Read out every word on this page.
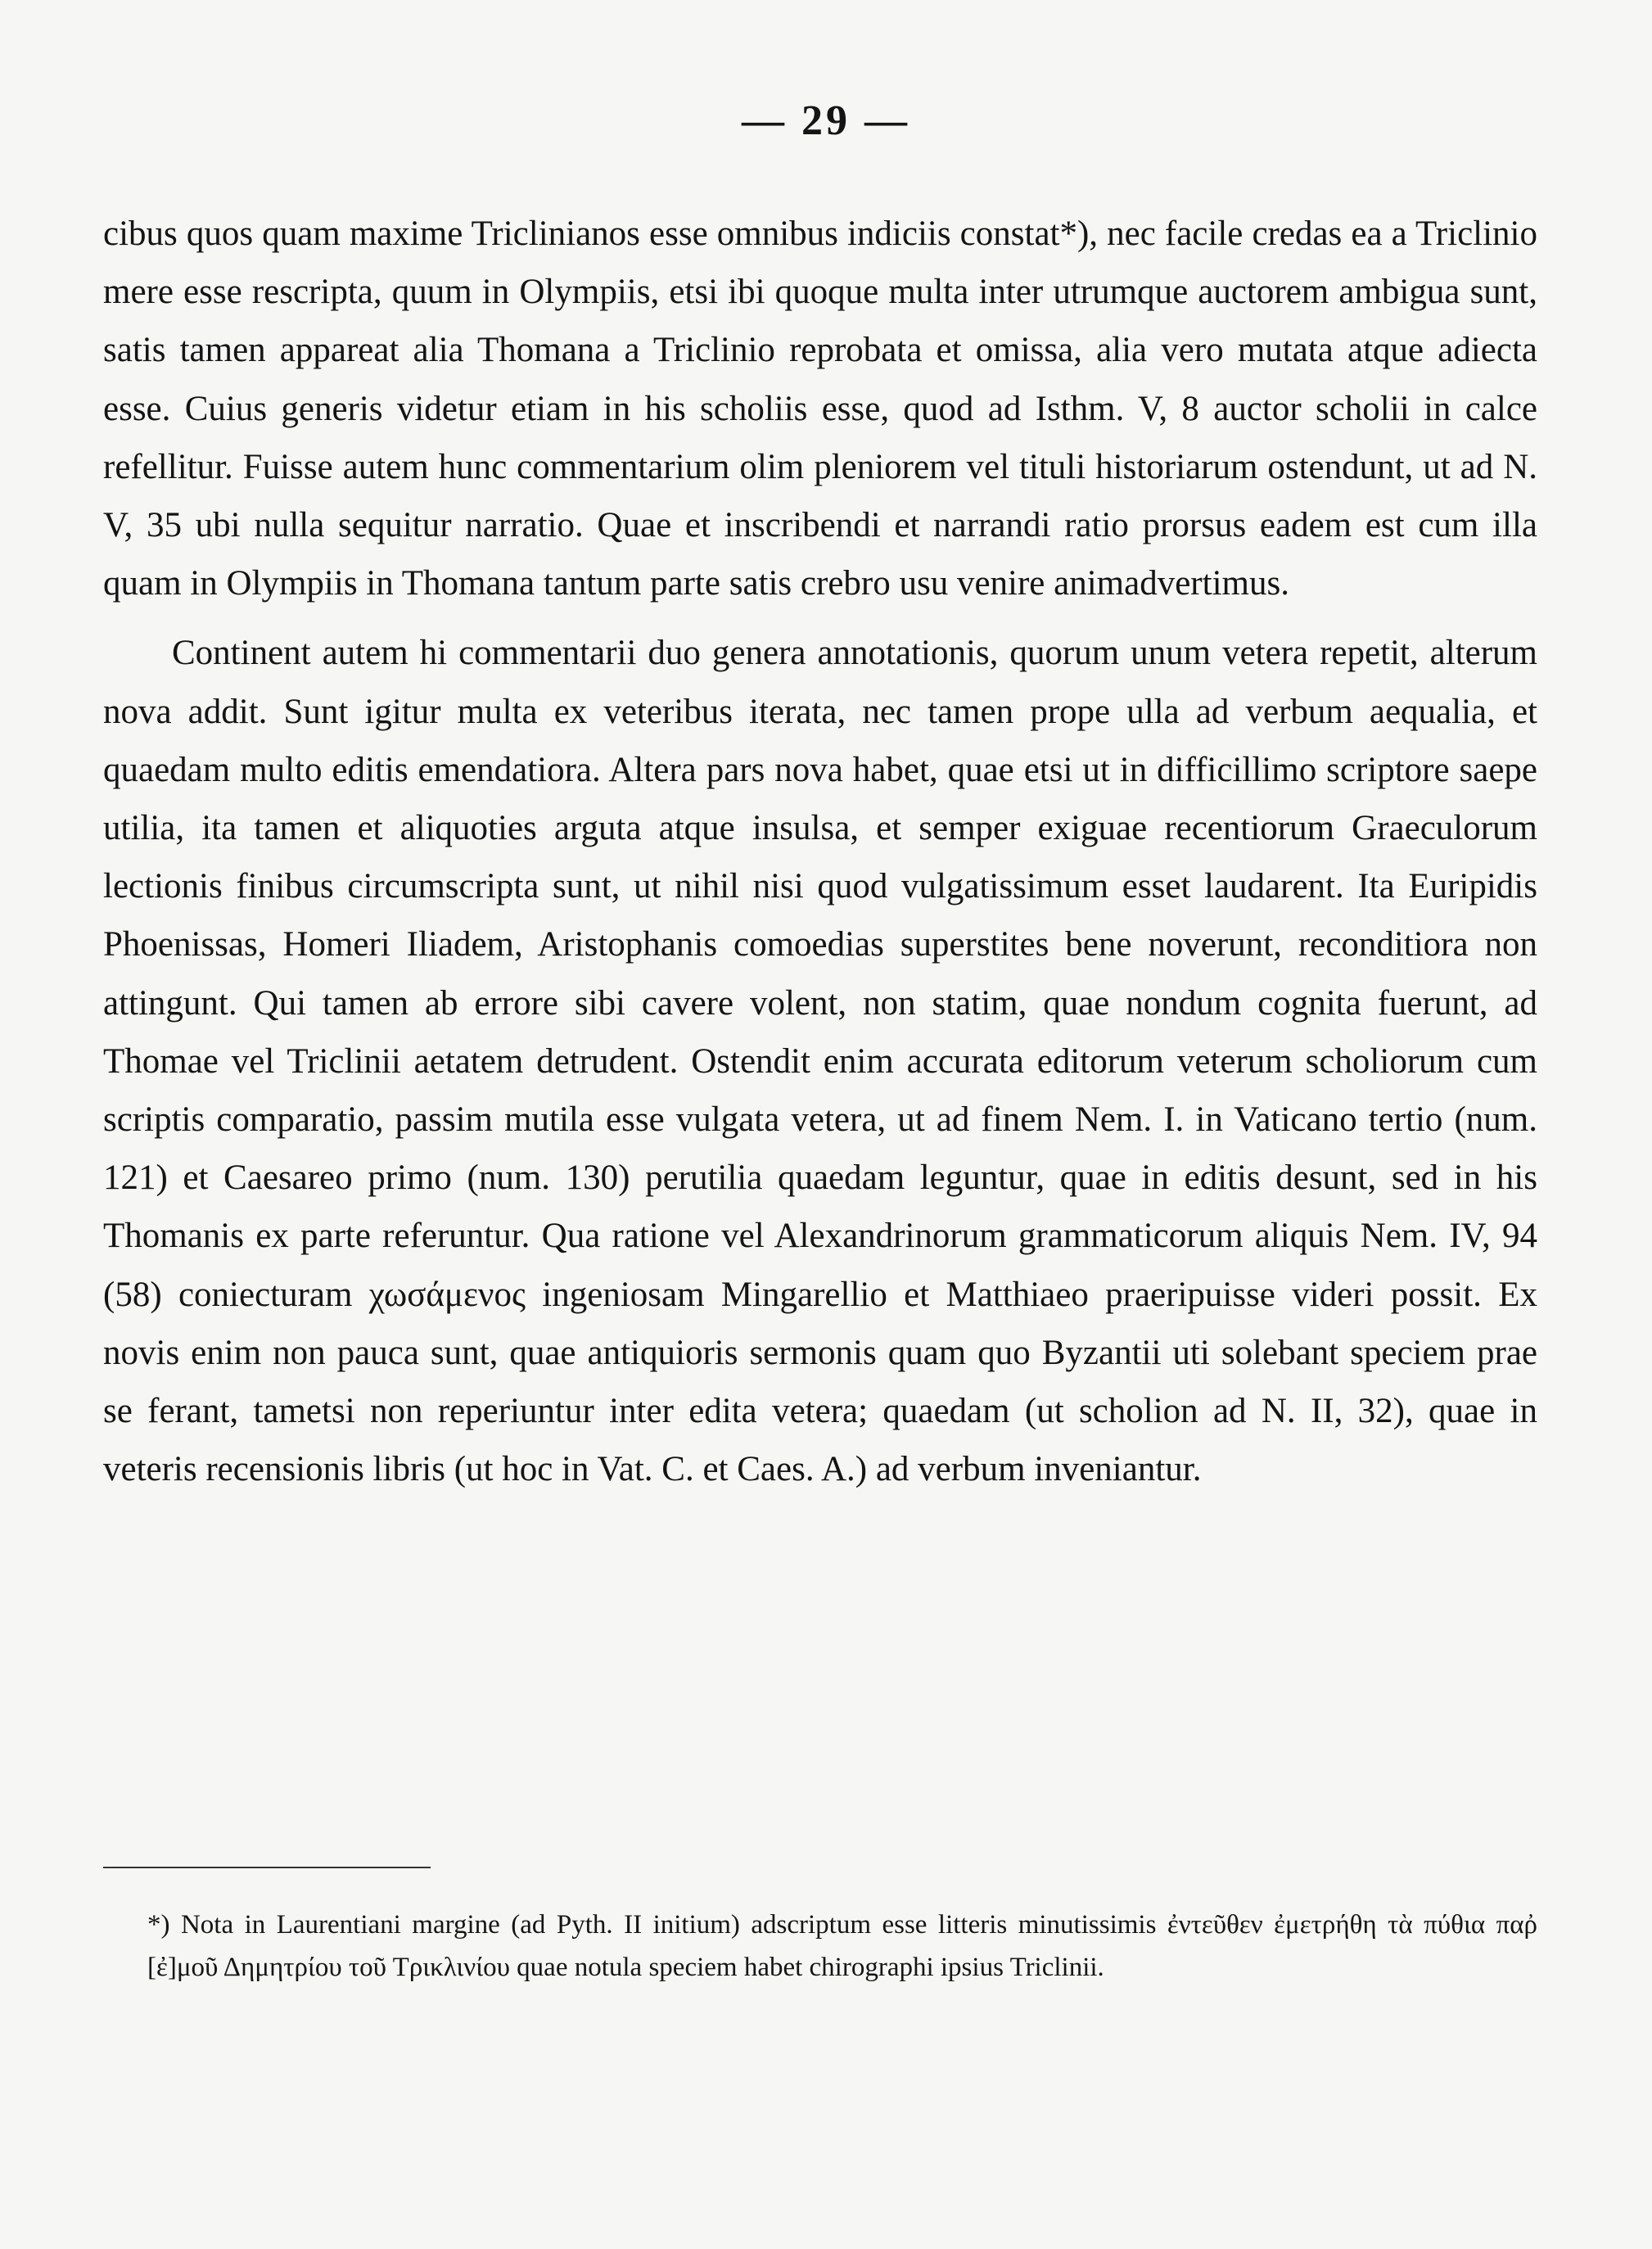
— 29 —

cibus quos quam maxime Triclinianos esse omnibus indiciis constat*), nec facile credas ea a Triclinio mere esse rescripta, quum in Olympiis, etsi ibi quoque multa inter utrumque auctorem ambigua sunt, satis tamen appareat alia Thomana a Triclinio reprobata et omissa, alia vero mutata atque adiecta esse. Cuius generis videtur etiam in his scholiis esse, quod ad Isthm. V, 8 auctor scholii in calce refellitur. Fuisse autem hunc commentarium olim pleniorem vel tituli historiarum ostendunt, ut ad N. V, 35 ubi nulla sequitur narratio. Quae et inscribendi et narrandi ratio prorsus eadem est cum illa quam in Olympiis in Thomana tantum parte satis crebro usu venire animadvertimus.

Continent autem hi commentarii duo genera annotationis, quorum unum vetera repetit, alterum nova addit. Sunt igitur multa ex veteribus iterata, nec tamen prope ulla ad verbum aequalia, et quaedam multo editis emendatiora. Altera pars nova habet, quae etsi ut in difficillimo scriptore saepe utilia, ita tamen et aliquoties arguta atque insulsa, et semper exiguae recentiorum Graeculorum lectionis finibus circumscripta sunt, ut nihil nisi quod vulgatissimum esset laudarent. Ita Euripidis Phoenissas, Homeri Iliadem, Aristophanis comoedias superstites bene noverunt, reconditiora non attingunt. Qui tamen ab errore sibi cavere volent, non statim, quae nondum cognita fuerunt, ad Thomae vel Triclinii aetatem detrudent. Ostendit enim accurata editorum veterum scholiorum cum scriptis comparatio, passim mutila esse vulgata vetera, ut ad finem Nem. I. in Vaticano tertio (num. 121) et Caesareo primo (num. 130) perutilia quaedam leguntur, quae in editis desunt, sed in his Thomanis ex parte referuntur. Qua ratione vel Alexandrinorum grammaticorum aliquis Nem. IV, 94 (58) coniecturam χωσάμενος ingeniosam Mingarellio et Matthiaeo praeripuisse videri possit. Ex novis enim non pauca sunt, quae antiquioris sermonis quam quo Byzantii uti solebant speciem prae se ferant, tametsi non reperiuntur inter edita vetera; quaedam (ut scholion ad N. II, 32), quae in veteris recensionis libris (ut hoc in Vat. C. et Caes. A.) ad verbum inveniantur.

*) Nota in Laurentiani margine (ad Pyth. II initium) adscriptum esse litteris minutissimis ἐντεῦθεν ἐμετρήθη τὰ πύθια παῤ [ἐ]μοῦ Δημητρίου τοῦ Τρικλινίου quae notula speciem habet chirographi ipsius Triclinii.
